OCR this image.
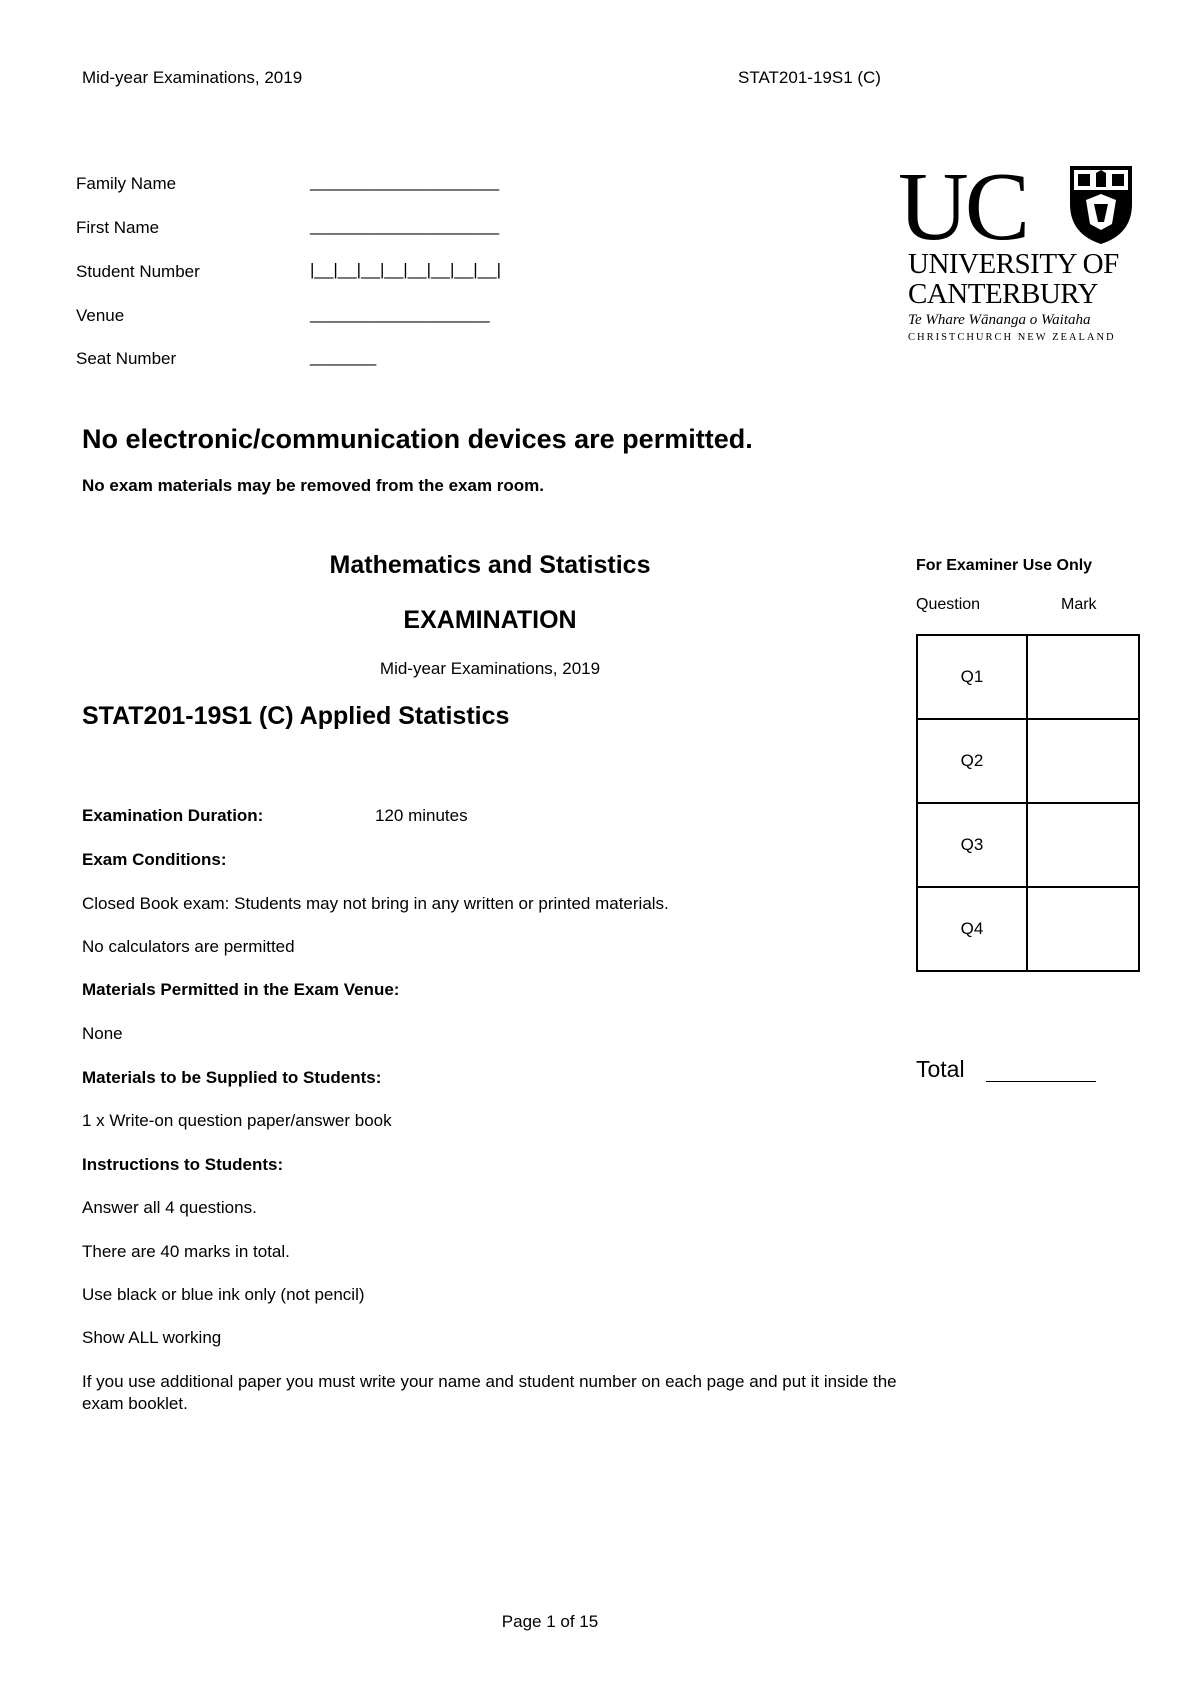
Mid-year Examinations, 2019	STAT201-19S1 (C)
Family Name	____________________
First Name	____________________
Student Number	|__|__|__|__|__|__|__|__|
Venue	___________________
Seat Number	_______
UC
UNIVERSITY OF
CANTERBURY
Te Whare Wānanga o Waitaha
CHRISTCHURCH NEW ZEALAND
No electronic/communication devices are permitted.
No exam materials may be removed from the exam room.
Mathematics and Statistics
EXAMINATION
Mid-year Examinations, 2019
STAT201-19S1 (C) Applied Statistics
Examination Duration:	120 minutes
Exam Conditions:
Closed Book exam: Students may not bring in any written or printed materials.
No calculators are permitted
Materials Permitted in the Exam Venue:
None
Materials to be Supplied to Students:
1 x Write-on question paper/answer book
Instructions to Students:
Answer all 4 questions.
There are 40 marks in total.
Use black or blue ink only (not pencil)
Show ALL working
If you use additional paper you must write your name and student number on each page and put it inside the
exam booklet.
For Examiner Use Only
Question	Mark
Q1	
Q2	
Q3	
Q4	
Total
Page 1 of 15
